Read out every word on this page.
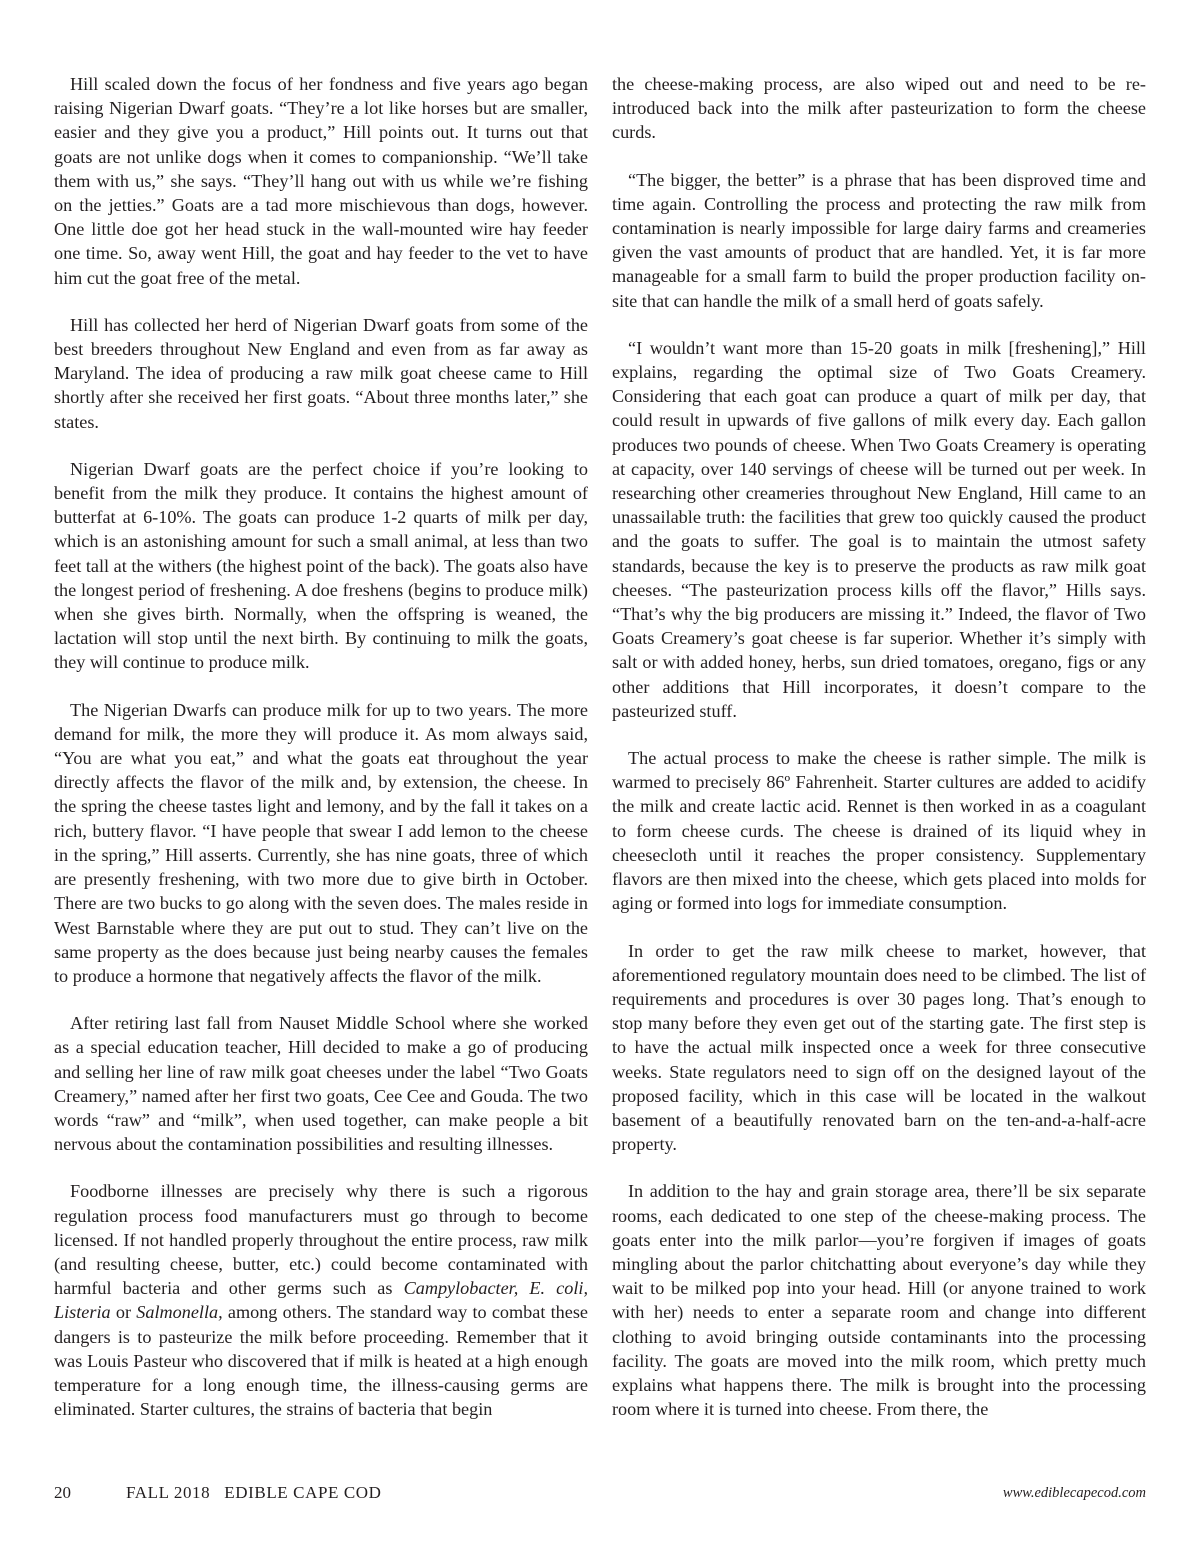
Hill scaled down the focus of her fondness and five years ago began raising Nigerian Dwarf goats. “They’re a lot like horses but are smaller, easier and they give you a product,” Hill points out. It turns out that goats are not unlike dogs when it comes to companionship. “We’ll take them with us,” she says. “They’ll hang out with us while we’re fishing on the jetties.” Goats are a tad more mischievous than dogs, however. One little doe got her head stuck in the wall-mounted wire hay feeder one time. So, away went Hill, the goat and hay feeder to the vet to have him cut the goat free of the metal.

Hill has collected her herd of Nigerian Dwarf goats from some of the best breeders throughout New England and even from as far away as Maryland. The idea of producing a raw milk goat cheese came to Hill shortly after she received her first goats. “About three months later,” she states.

Nigerian Dwarf goats are the perfect choice if you’re looking to benefit from the milk they produce. It contains the highest amount of butterfat at 6-10%. The goats can produce 1-2 quarts of milk per day, which is an astonishing amount for such a small animal, at less than two feet tall at the withers (the highest point of the back). The goats also have the longest period of freshening. A doe freshens (begins to produce milk) when she gives birth. Normally, when the offspring is weaned, the lactation will stop until the next birth. By continuing to milk the goats, they will continue to produce milk.

The Nigerian Dwarfs can produce milk for up to two years. The more demand for milk, the more they will produce it. As mom always said, “You are what you eat,” and what the goats eat throughout the year directly affects the flavor of the milk and, by extension, the cheese. In the spring the cheese tastes light and lemony, and by the fall it takes on a rich, buttery flavor. “I have people that swear I add lemon to the cheese in the spring,” Hill asserts. Currently, she has nine goats, three of which are presently freshening, with two more due to give birth in October. There are two bucks to go along with the seven does. The males reside in West Barnstable where they are put out to stud. They can’t live on the same property as the does because just being nearby causes the females to produce a hormone that negatively affects the flavor of the milk.

After retiring last fall from Nauset Middle School where she worked as a special education teacher, Hill decided to make a go of producing and selling her line of raw milk goat cheeses under the label “Two Goats Creamery,” named after her first two goats, Cee Cee and Gouda. The two words “raw” and “milk”, when used together, can make people a bit nervous about the contamination possibilities and resulting illnesses.

Foodborne illnesses are precisely why there is such a rigorous regulation process food manufacturers must go through to become licensed. If not handled properly throughout the entire process, raw milk (and resulting cheese, butter, etc.) could become contaminated with harmful bacteria and other germs such as Campylobacter, E. coli, Listeria or Salmonella, among others. The standard way to combat these dangers is to pasteurize the milk before proceeding. Remember that it was Louis Pasteur who discovered that if milk is heated at a high enough temperature for a long enough time, the illness-causing germs are eliminated. Starter cultures, the strains of bacteria that begin

the cheese-making process, are also wiped out and need to be re-introduced back into the milk after pasteurization to form the cheese curds.

“The bigger, the better” is a phrase that has been disproved time and time again. Controlling the process and protecting the raw milk from contamination is nearly impossible for large dairy farms and creameries given the vast amounts of product that are handled. Yet, it is far more manageable for a small farm to build the proper production facility on-site that can handle the milk of a small herd of goats safely.

“I wouldn’t want more than 15-20 goats in milk [freshening],” Hill explains, regarding the optimal size of Two Goats Creamery. Considering that each goat can produce a quart of milk per day, that could result in upwards of five gallons of milk every day. Each gallon produces two pounds of cheese. When Two Goats Creamery is operating at capacity, over 140 servings of cheese will be turned out per week. In researching other creameries throughout New England, Hill came to an unassailable truth: the facilities that grew too quickly caused the product and the goats to suffer. The goal is to maintain the utmost safety standards, because the key is to preserve the products as raw milk goat cheeses. “The pasteurization process kills off the flavor,” Hills says. “That’s why the big producers are missing it.” Indeed, the flavor of Two Goats Creamery’s goat cheese is far superior. Whether it’s simply with salt or with added honey, herbs, sun dried tomatoes, oregano, figs or any other additions that Hill incorporates, it doesn’t compare to the pasteurized stuff.

The actual process to make the cheese is rather simple. The milk is warmed to precisely 86º Fahrenheit. Starter cultures are added to acidify the milk and create lactic acid. Rennet is then worked in as a coagulant to form cheese curds. The cheese is drained of its liquid whey in cheesecloth until it reaches the proper consistency. Supplementary flavors are then mixed into the cheese, which gets placed into molds for aging or formed into logs for immediate consumption.

In order to get the raw milk cheese to market, however, that aforementioned regulatory mountain does need to be climbed. The list of requirements and procedures is over 30 pages long. That’s enough to stop many before they even get out of the starting gate. The first step is to have the actual milk inspected once a week for three consecutive weeks. State regulators need to sign off on the designed layout of the proposed facility, which in this case will be located in the walkout basement of a beautifully renovated barn on the ten-and-a-half-acre property.

In addition to the hay and grain storage area, there’ll be six separate rooms, each dedicated to one step of the cheese-making process. The goats enter into the milk parlor—you’re forgiven if images of goats mingling about the parlor chitchatting about everyone’s day while they wait to be milked pop into your head. Hill (or anyone trained to work with her) needs to enter a separate room and change into different clothing to avoid bringing outside contaminants into the processing facility. The goats are moved into the milk room, which pretty much explains what happens there. The milk is brought into the processing room where it is turned into cheese. From there, the

20	FALL 2018 EDIBLE CAPE COD	www.ediblecapecod.com
